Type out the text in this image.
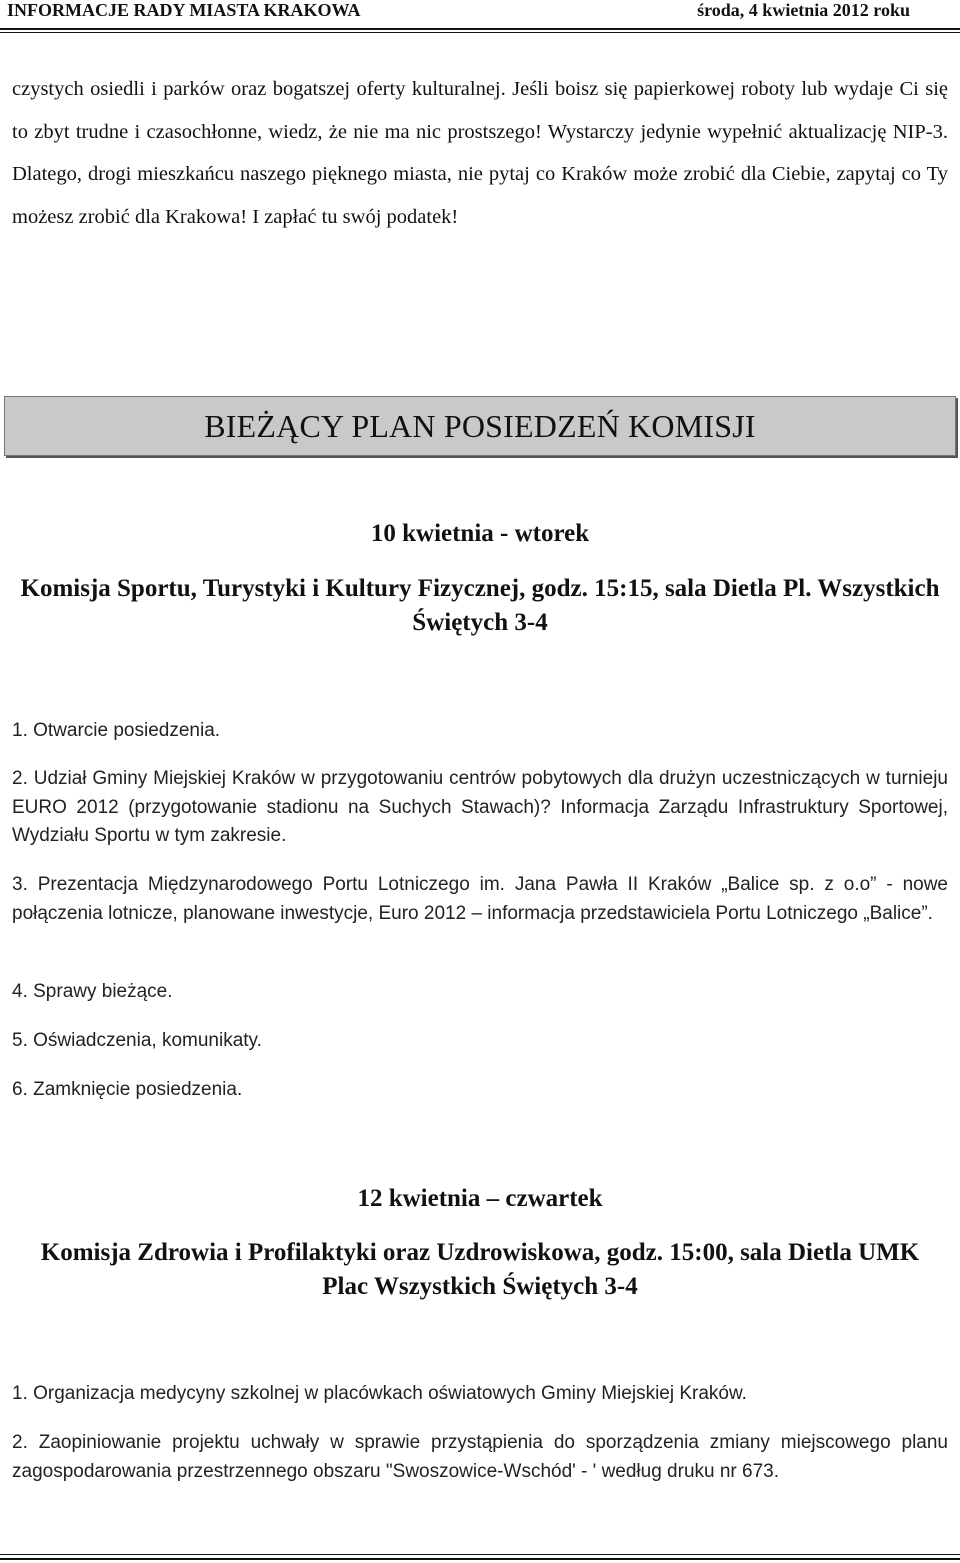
INFORMACJE RADY MIASTA KRAKOWA	środa, 4 kwietnia 2012 roku

czystych osiedli i parków oraz bogatszej oferty kulturalnej. Jeśli boisz się papierkowej roboty lub wydaje Ci się to zbyt trudne i czasochłonne, wiedz, że nie ma nic prostszego! Wystarczy jedynie wypełnić aktualizację NIP-3. Dlatego, drogi mieszkańcu naszego pięknego miasta, nie pytaj co Kraków może zrobić dla Ciebie, zapytaj co Ty możesz zrobić dla Krakowa! I zapłać tu swój podatek!

BIEŻĄCY PLAN POSIEDZEŃ KOMISJI

10 kwietnia - wtorek

Komisja Sportu, Turystyki i Kultury Fizycznej, godz. 15:15, sala Dietla Pl. Wszystkich Świętych 3-4

1. Otwarcie posiedzenia.

2. Udział Gminy Miejskiej Kraków w przygotowaniu centrów pobytowych dla drużyn uczestniczących w turnieju EURO 2012 (przygotowanie stadionu na Suchych Stawach)? Informacja Zarządu Infrastruktury Sportowej, Wydziału Sportu w tym zakresie.

3. Prezentacja Międzynarodowego Portu Lotniczego im. Jana Pawła II Kraków „Balice sp. z o.o” - nowe połączenia lotnicze, planowane inwestycje, Euro 2012 – informacja przedstawiciela Portu Lotniczego „Balice”.

4. Sprawy bieżące.

5. Oświadczenia, komunikaty.

6. Zamknięcie posiedzenia.

12 kwietnia – czwartek

Komisja Zdrowia i Profilaktyki oraz Uzdrowiskowa, godz. 15:00, sala Dietla UMK Plac Wszystkich Świętych 3-4

1. Organizacja medycyny szkolnej w placówkach oświatowych Gminy Miejskiej Kraków.

2. Zaopiniowanie projektu uchwały w sprawie przystąpienia do sporządzenia zmiany miejscowego planu zagospodarowania przestrzennego obszaru "Swoszowice-Wschód' - ' według druku nr 673.
